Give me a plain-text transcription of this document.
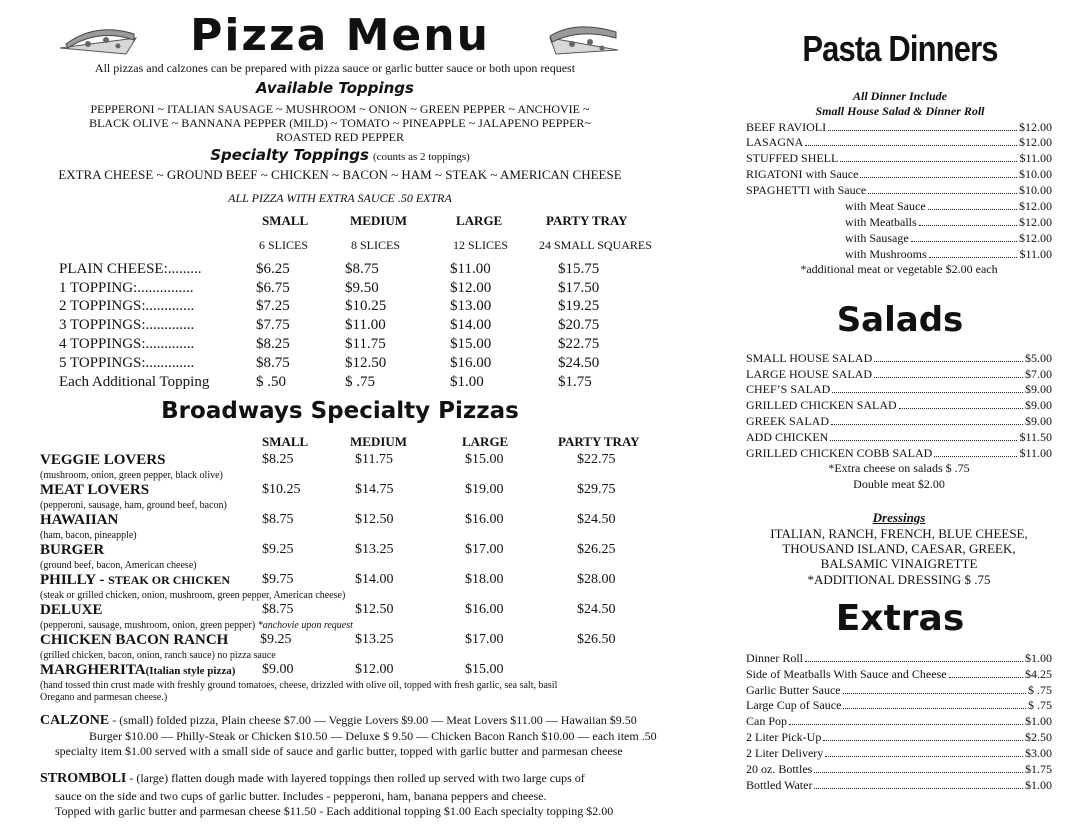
Pizza Menu
All pizzas and calzones can be prepared with pizza sauce or garlic butter sauce or both upon request
Available Toppings
PEPPERONI ~ ITALIAN SAUSAGE ~ MUSHROOM ~ ONION ~ GREEN PEPPER ~ ANCHOVIE ~
BLACK OLIVE ~ BANNANA PEPPER (MILD) ~ TOMATO ~ PINEAPPLE ~ JALAPENO PEPPER~
ROASTED RED PEPPER
Specialty Toppings (counts as 2 toppings)
EXTRA CHEESE ~ GROUND BEEF ~ CHICKEN ~ BACON ~ HAM ~ STEAK ~ AMERICAN CHEESE
ALL PIZZA WITH EXTRA SAUCE .50 EXTRA
SMALL	MEDIUM	LARGE	PARTY TRAY
6 SLICES	8 SLICES	12 SLICES	24 SMALL SQUARES
PLAIN CHEESE:.........	$6.25	$8.75	$11.00	$15.75
1 TOPPING:...............	$6.75	$9.50	$12.00	$17.50
2 TOPPINGS:.............	$7.25	$10.25	$13.00	$19.25
3 TOPPINGS:.............	$7.75	$11.00	$14.00	$20.75
4 TOPPINGS:.............	$8.25	$11.75	$15.00	$22.75
5 TOPPINGS:.............	$8.75	$12.50	$16.00	$24.50
Each Additional Topping	$ .50	$ .75	$1.00	$1.75
Broadways Specialty Pizzas
SMALL	MEDIUM	LARGE	PARTY TRAY
VEGGIE LOVERS	$8.25	$11.75	$15.00	$22.75
(mushroom, onion, green pepper, black olive)
MEAT LOVERS	$10.25	$14.75	$19.00	$29.75
(pepperoni, sausage, ham, ground beef, bacon)
HAWAIIAN	$8.75	$12.50	$16.00	$24.50
(ham, bacon, pineapple)
BURGER	$9.25	$13.25	$17.00	$26.25
(ground beef, bacon, American cheese)
PHILLY - STEAK OR CHICKEN $9.75	$14.00	$18.00	$28.00
(steak or grilled chicken, onion, mushroom, green pepper, American cheese)
DELUXE	$8.75	$12.50	$16.00	$24.50
(pepperoni, sausage, mushroom, onion, green pepper) *anchovie upon request
CHICKEN BACON RANCH $9.25	$13.25	$17.00	$26.50
(grilled chicken, bacon, onion, ranch sauce) no pizza sauce
MARGHERITA(Italian style pizza) $9.00	$12.00	$15.00
(hand tossed thin crust made with freshly ground tomatoes, cheese, drizzled with olive oil, topped with fresh garlic, sea salt, basil
Oregano and parmesan cheese.)
CALZONE - (small) folded pizza, Plain cheese $7.00 — Veggie Lovers $9.00 — Meat Lovers $11.00 — Hawaiian $9.50
Burger $10.00 — Philly-Steak or Chicken $10.50 — Deluxe $ 9.50 — Chicken Bacon Ranch $10.00 — each item .50
specialty item $1.00 served with a small side of sauce and garlic butter, topped with garlic butter and parmesan cheese
STROMBOLI - (large) flatten dough made with layered toppings then rolled up served with two large cups of
sauce on the side and two cups of garlic butter. Includes - pepperoni, ham, banana peppers and cheese.
Topped with garlic butter and parmesan cheese $11.50 - Each additional topping $1.00 Each specialty topping $2.00
Pasta Dinners
All Dinner Include
Small House Salad & Dinner Roll
BEEF RAVIOLI	$12.00
LASAGNA	$12.00
STUFFED SHELL	$11.00
RIGATONI with Sauce	$10.00
SPAGHETTI with Sauce	$10.00
with Meat Sauce	$12.00
with Meatballs	$12.00
with Sausage	$12.00
with Mushrooms	$11.00
*additional meat or vegetable $2.00 each
Salads
SMALL HOUSE SALAD	$5.00
LARGE HOUSE SALAD	$7.00
CHEF’S SALAD	$9.00
GRILLED CHICKEN SALAD	$9.00
GREEK SALAD	$9.00
ADD CHICKEN	$11.50
GRILLED CHICKEN COBB SALAD	$11.00
*Extra cheese on salads $ .75
Double meat $2.00
Dressings
ITALIAN, RANCH, FRENCH, BLUE CHEESE,
THOUSAND ISLAND, CAESAR, GREEK,
BALSAMIC VINAIGRETTE
*ADDITIONAL DRESSING $ .75
Extras
Dinner Roll	$1.00
Side of Meatballs With Sauce and Cheese	$4.25
Garlic Butter Sauce	$ .75
Large Cup of Sauce	$ .75
Can Pop	$1.00
2 Liter Pick-Up	$2.50
2 Liter Delivery	$3.00
20 oz. Bottles	$1.75
Bottled Water	$1.00
